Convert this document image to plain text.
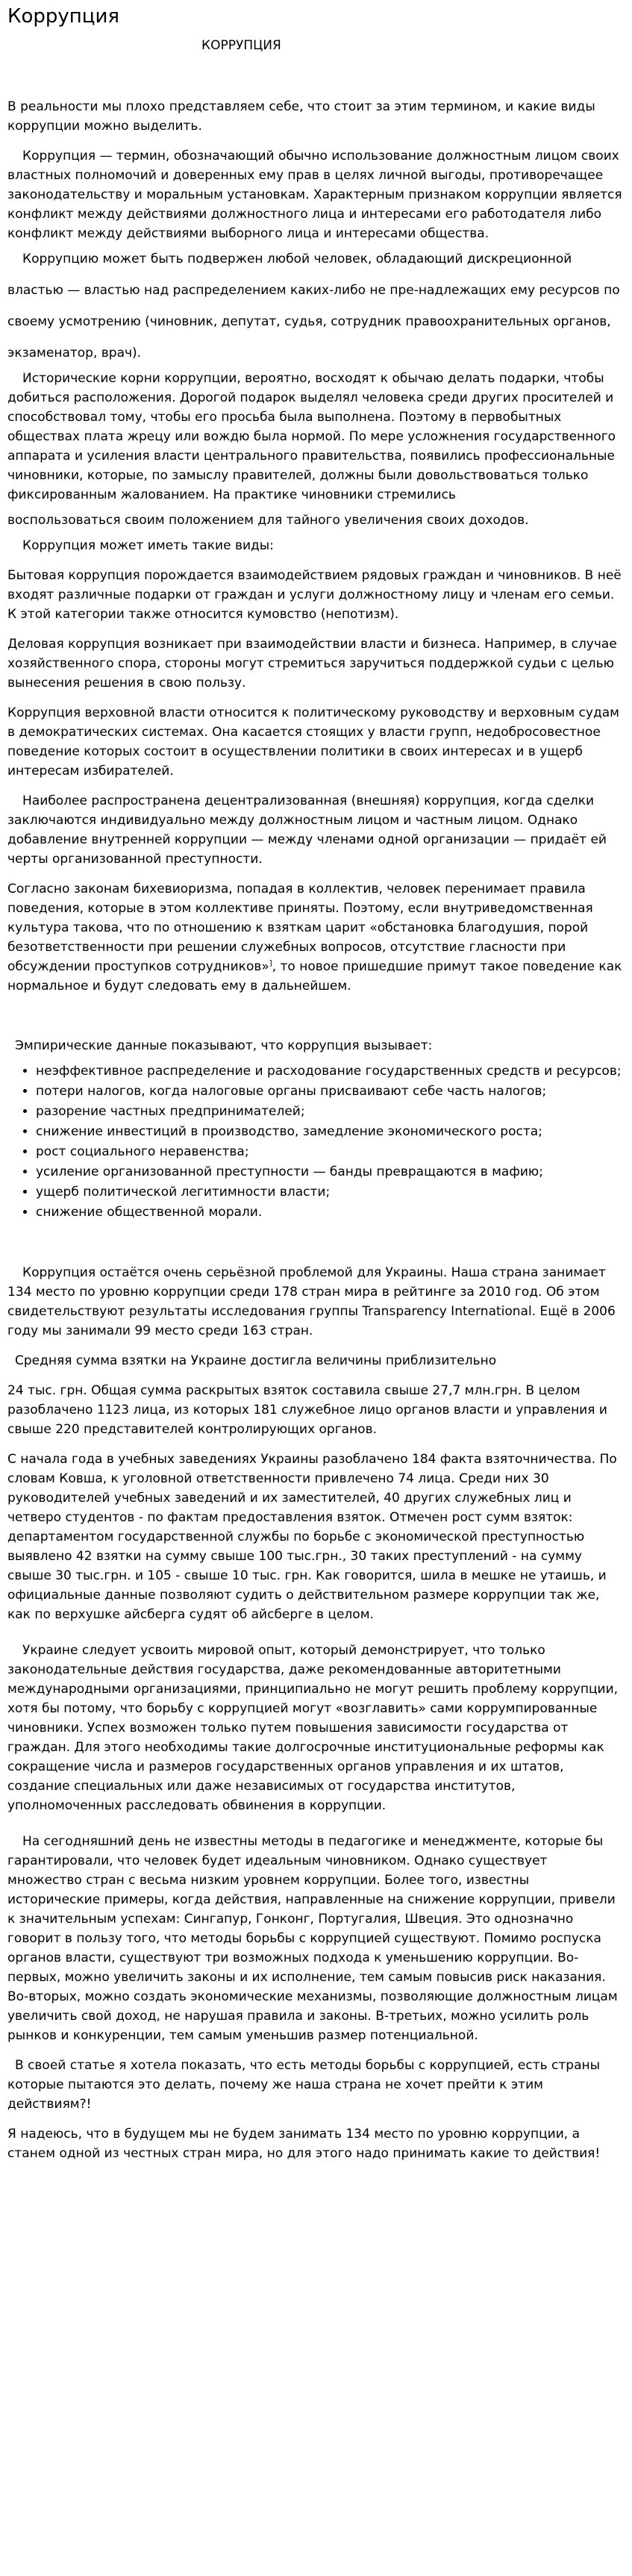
Коррупция
КОРРУПЦИЯ

В реальности мы плохо представляем себе, что стоит за этим термином, и какие виды коррупции можно выделить.

Коррупция — термин, обозначающий обычно использование должностным лицом своих властных полномочий и доверенных ему прав в целях личной выгоды, противоречащее законодательству и моральным установкам. Характерным признаком коррупции является конфликт между действиями должностного лица и интересами его работодателя либо конфликт между действиями выборного лица и интересами общества.

Коррупцию может быть подвержен любой человек, обладающий дискреционной властью — властью над распределением каких-либо не пре-надлежащих ему ресурсов по своему усмотрению (чиновник, депутат, судья, сотрудник правоохранительных органов, экзаменатор, врач).

Исторические корни коррупции, вероятно, восходят к обычаю делать подарки, чтобы добиться расположения. Дорогой подарок выделял человека среди других просителей и способствовал тому, чтобы его просьба была выполнена. Поэтому в первобытных обществах плата жрецу или вождю была нормой. По мере усложнения государственного аппарата и усиления власти центрального правительства, появились профессиональные чиновники, которые, по замыслу правителей, должны были довольствоваться только фиксированным жалованием. На практике чиновники стремились

воспользоваться своим положением для тайного увеличения своих доходов.

Коррупция может иметь такие виды:

Бытовая коррупция порождается взаимодействием рядовых граждан и чиновников. В неё входят различные подарки от граждан и услуги должностному лицу и членам его семьи. К этой категории также относится кумовство (непотизм).

Деловая коррупция возникает при взаимодействии власти и бизнеса. Например, в случае хозяйственного спора, стороны могут стремиться заручиться поддержкой судьи с целью вынесения решения в свою пользу.

Коррупция верховной власти относится к политическому руководству и верховным судам в демократических системах. Она касается стоящих у власти групп, недобросовестное поведение которых состоит в осуществлении политики в своих интересах и в ущерб интересам избирателей.

Наиболее распространена децентрализованная (внешняя) коррупция, когда сделки заключаются индивидуально между должностным лицом и частным лицом. Однако добавление внутренней коррупции — между членами одной организации — придаёт ей черты организованной преступности.

Согласно законам бихевиоризма, попадая в коллектив, человек перенимает правила поведения, которые в этом коллективе приняты. Поэтому, если внутриведомственная культура такова, что по отношению к взяткам царит «обстановка благодушия, порой безответственности при решении служебных вопросов, отсутствие гласности при обсуждении проступков сотрудников»], то новое пришедшие примут такое поведение как нормальное и будут следовать ему в дальнейшем.

Эмпирические данные показывают, что коррупция вызывает:

• неэффективное распределение и расходование государственных средств и ресурсов;
• потери налогов, когда налоговые органы присваивают себе часть налогов;
• разорение частных предпринимателей;
• снижение инвестиций в производство, замедление экономического роста;
• рост социального неравенства;
• усиление организованной преступности — банды превращаются в мафию;
• ущерб политической легитимности власти;
• снижение общественной морали.

Коррупция остаётся очень серьёзной проблемой для Украины. Наша страна занимает 134 место по уровню коррупции среди 178 стран мира в рейтинге за 2010 год. Об этом свидетельствуют результаты исследования группы Transparency International. Ещё в 2006 году мы занимали 99 место среди 163 стран.

Средняя сумма взятки на Украине достигла величины приблизительно

24 тыс. грн. Общая сумма раскрытых взяток составила свыше 27,7 млн.грн. В целом разоблачено 1123 лица, из которых 181 служебное лицо органов власти и управления и свыше 220 представителей контролирующих органов.

С начала года в учебных заведениях Украины разоблачено 184 факта взяточничества. По словам Ковша, к уголовной ответственности привлечено 74 лица. Среди них 30 руководителей учебных заведений и их заместителей, 40 других служебных лиц и четверо студентов - по фактам предоставления взяток. Отмечен рост сумм взяток: департаментом государственной службы по борьбе с экономической преступностью выявлено 42 взятки на сумму свыше 100 тыс.грн., 30 таких преступлений - на сумму свыше 30 тыс.грн. и 105 - свыше 10 тыс. грн. Как говорится, шила в мешке не утаишь, и официальные данные позволяют судить о действительном размере коррупции так же, как по верхушке айсберга судят об айсберге в целом.

Украине следует усвоить мировой опыт, который демонстрирует, что только законодательные действия государства, даже рекомендованные авторитетными международными организациями, принципиально не могут решить проблему коррупции, хотя бы потому, что борьбу с коррупцией могут «возглавить» сами коррумпированные чиновники. Успех возможен только путем повышения зависимости государства от граждан. Для этого необходимы такие долгосрочные институциональные реформы как сокращение числа и размеров государственных органов управления и их штатов, создание специальных или даже независимых от государства институтов, уполномоченных расследовать обвинения в коррупции.

На сегодняшний день не известны методы в педагогике и менеджменте, которые бы гарантировали, что человек будет идеальным чиновником. Однако существует множество стран с весьма низким уровнем коррупции. Более того, известны исторические примеры, когда действия, направленные на снижение коррупции, привели к значительным успехам: Сингапур, Гонконг, Португалия, Швеция. Это однозначно говорит в пользу того, что методы борьбы с коррупцией существуют. Помимо роспуска органов власти, существуют три возможных подхода к уменьшению коррупции. Во-первых, можно увеличить законы и их исполнение, тем самым повысив риск наказания. Во-вторых, можно создать экономические механизмы, позволяющие должностным лицам увеличить свой доход, не нарушая правила и законы. В-третьих, можно усилить роль рынков и конкуренции, тем самым уменьшив размер потенциальной.

В своей статье я хотела показать, что есть методы борьбы с коррупцией, есть страны которые пытаются это делать, почему же наша страна не хочет прейти к этим действиям?!

Я надеюсь, что в будущем мы не будем занимать 134 место по уровню коррупции, а станем одной из честных стран мира, но для этого надо принимать какие то действия!
